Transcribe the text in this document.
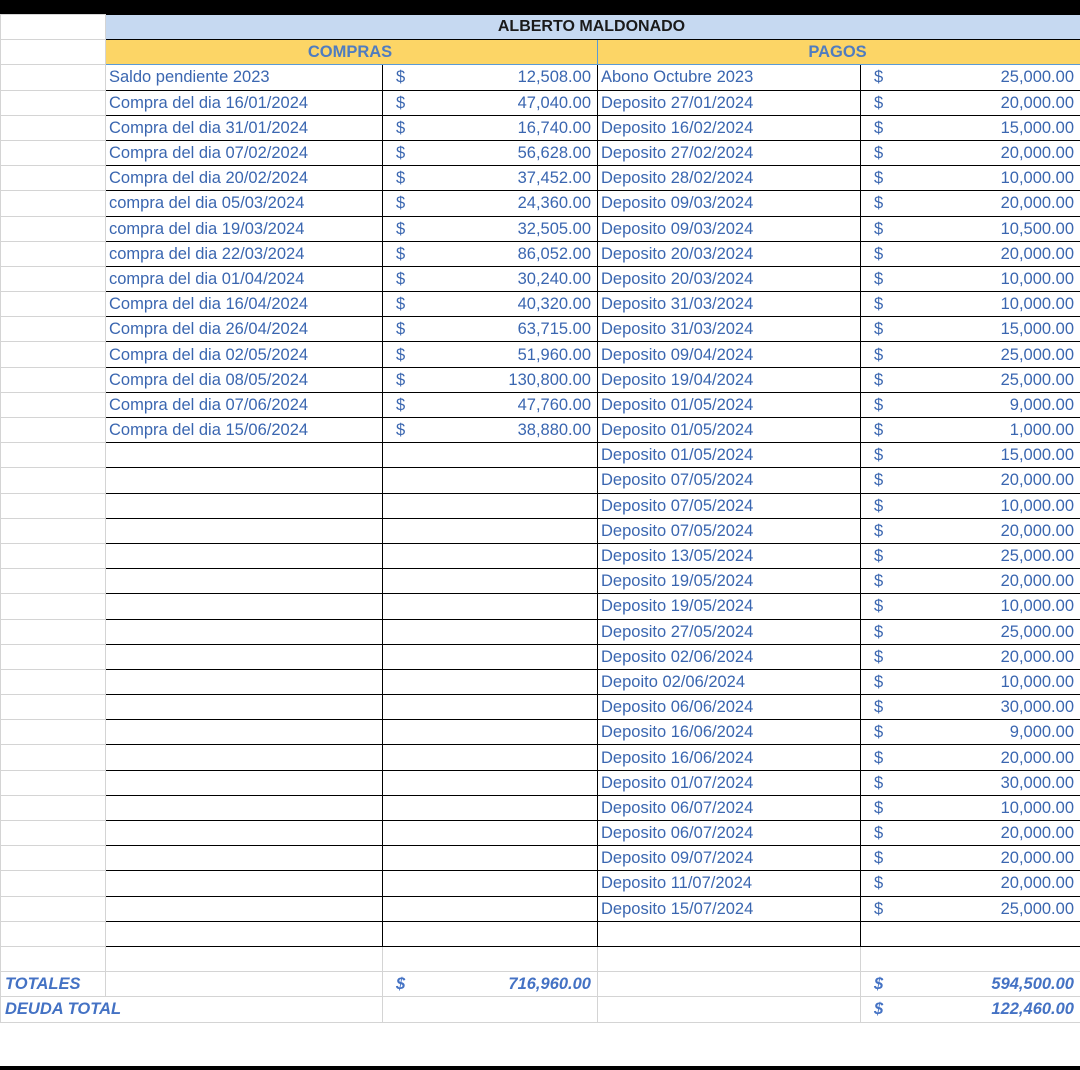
	ALBERTO MALDONADO			
	COMPRAS		PAGOS	
	Saldo pendiente 2023	$ 12,508.00	Abono Octubre 2023	$ 25,000.00

	Compra del dia 16/01/2024	$ 47,040.00	Deposito 27/01/2024	$ 20,000.00

	Compra del dia 31/01/2024	$ 16,740.00	Deposito 16/02/2024	$ 15,000.00

	Compra del dia 07/02/2024	$ 56,628.00	Deposito 27/02/2024	$ 20,000.00

	Compra del dia 20/02/2024	$ 37,452.00	Deposito 28/02/2024	$ 10,000.00

	compra del dia 05/03/2024	$ 24,360.00	Deposito 09/03/2024	$ 20,000.00

	compra del dia 19/03/2024	$ 32,505.00	Deposito 09/03/2024	$ 10,500.00

	compra del dia 22/03/2024	$ 86,052.00	Deposito 20/03/2024	$ 20,000.00

	compra del dia 01/04/2024	$ 30,240.00	Deposito 20/03/2024	$ 10,000.00

	Compra del dia 16/04/2024	$ 40,320.00	Deposito 31/03/2024	$ 10,000.00

	Compra del dia 26/04/2024	$ 63,715.00	Deposito 31/03/2024	$ 15,000.00

	Compra del dia 02/05/2024	$ 51,960.00	Deposito 09/04/2024	$ 25,000.00

	Compra del dia 08/05/2024	$ 130,800.00	Deposito 19/04/2024	$ 25,000.00

	Compra del dia 07/06/2024	$ 47,760.00	Deposito 01/05/2024	$ 9,000.00

	Compra del dia 15/06/2024	$ 38,880.00	Deposito 01/05/2024	$ 1,000.00

			Deposito 01/05/2024	$ 15,000.00

			Deposito 07/05/2024	$ 20,000.00

			Deposito 07/05/2024	$ 10,000.00

			Deposito 07/05/2024	$ 20,000.00

			Deposito 13/05/2024	$ 25,000.00

			Deposito 19/05/2024	$ 20,000.00

			Deposito 19/05/2024	$ 10,000.00

			Deposito 27/05/2024	$ 25,000.00

			Deposito 02/06/2024	$ 20,000.00

			Depoito 02/06/2024	$ 10,000.00

			Deposito 06/06/2024	$ 30,000.00

			Deposito 16/06/2024	$ 9,000.00

			Deposito 16/06/2024	$ 20,000.00

			Deposito 01/07/2024	$ 30,000.00

			Deposito 06/07/2024	$ 10,000.00

			Deposito 06/07/2024	$ 20,000.00

			Deposito 09/07/2024	$ 20,000.00

			Deposito 11/07/2024	$ 20,000.00

			Deposito 15/07/2024	$ 25,000.00

TOTALES		$ 716,960.00		$ 594,500.00

DEUDA TOTAL				$ 122,460.00
